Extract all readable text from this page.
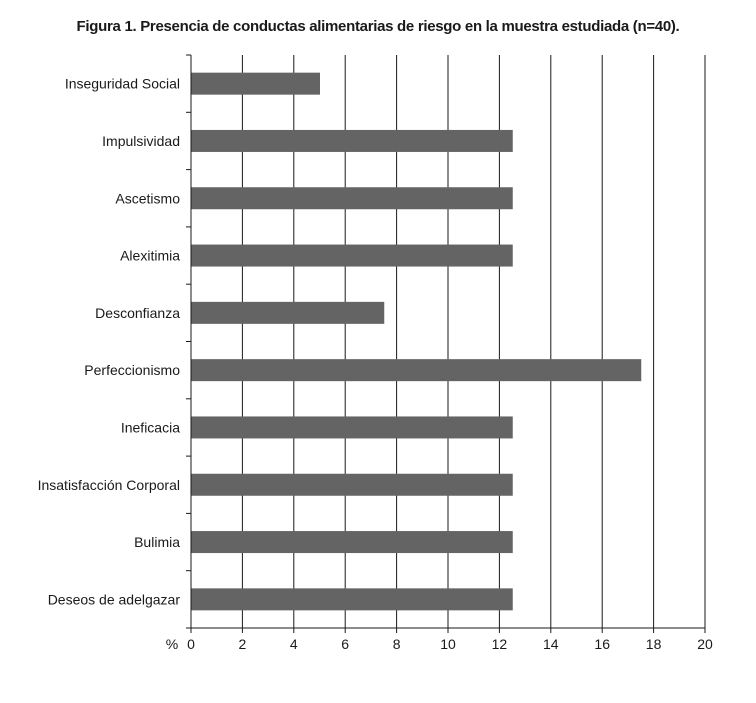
Figura 1. Presencia de conductas alimentarias de riesgo en la muestra estudiada (n=40).
Inseguridad Social
Impulsividad
Ascetismo
Alexitimia
Desconfianza
Perfeccionismo
Ineficacia
Insatisfacción Corporal
Bulimia
Deseos de adelgazar
0	2	4	6	8	10	12	14	16	18	20
%
